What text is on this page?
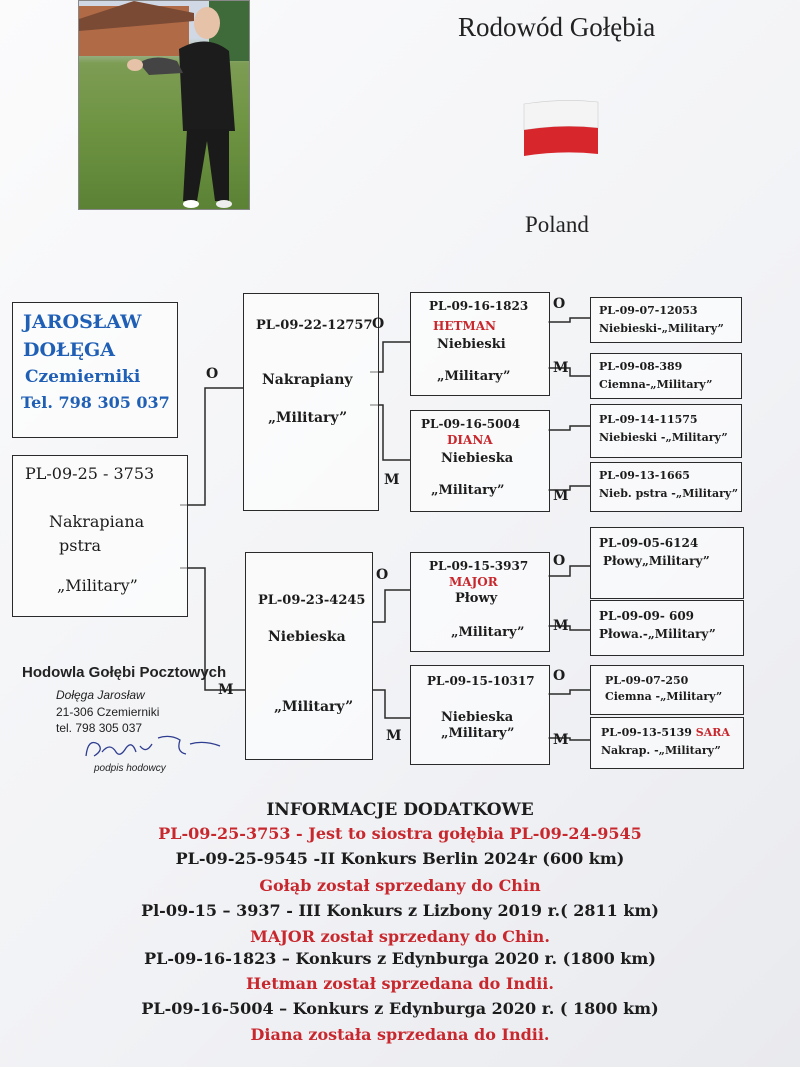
Rodowód Gołębia
Poland
JAROSŁAW
DOŁĘGA
Czemierniki
Tel. 798 305 037
PL-09-25 - 3753
Nakrapiana
pstra
„Military”
PL-09-22-12757
Nakrapiany
„Military”
PL-09-23-4245
Niebieska
„Military”
PL-09-16-1823
HETMAN
Niebieski
„Military”
PL-09-16-5004
DIANA
Niebieska
„Military”
PL-09-15-3937
MAJOR
Płowy
„Military”
PL-09-15-10317
Niebieska
„Military”
PL-09-07-12053
Niebieski-„Military”
PL-09-08-389
Ciemna-„Military”
PL-09-14-11575
Niebieski -„Military”
PL-09-13-1665
Nieb. pstra -„Military”
PL-09-05-6124
Płowy„Military”
PL-09-09- 609
Płowa.-„Military”
PL-09-07-250
Ciemna -„Military”
PL-09-13-5139 SARA
Nakrap. -„Military”
O
M
O
M
O
M
O
M
M
O
M
O
M
Hodowla Gołębi Pocztowych
Dołęga Jarosław
21-306 Czemierniki
tel. 798 305 037
podpis hodowcy
INFORMACJE DODATKOWE
PL-09-25-3753 - Jest to siostra gołębia PL-09-24-9545
PL-09-25-9545 -II Konkurs Berlin 2024r (600 km)
Gołąb został sprzedany do Chin
Pl-09-15 – 3937 - III Konkurs z Lizbony 2019 r.( 2811 km)
MAJOR został sprzedany do Chin.
PL-09-16-1823 – Konkurs z Edynburga 2020 r. (1800 km)
Hetman został sprzedana do Indii.
PL-09-16-5004 – Konkurs z Edynburga 2020 r. ( 1800 km)
Diana została sprzedana do Indii.
